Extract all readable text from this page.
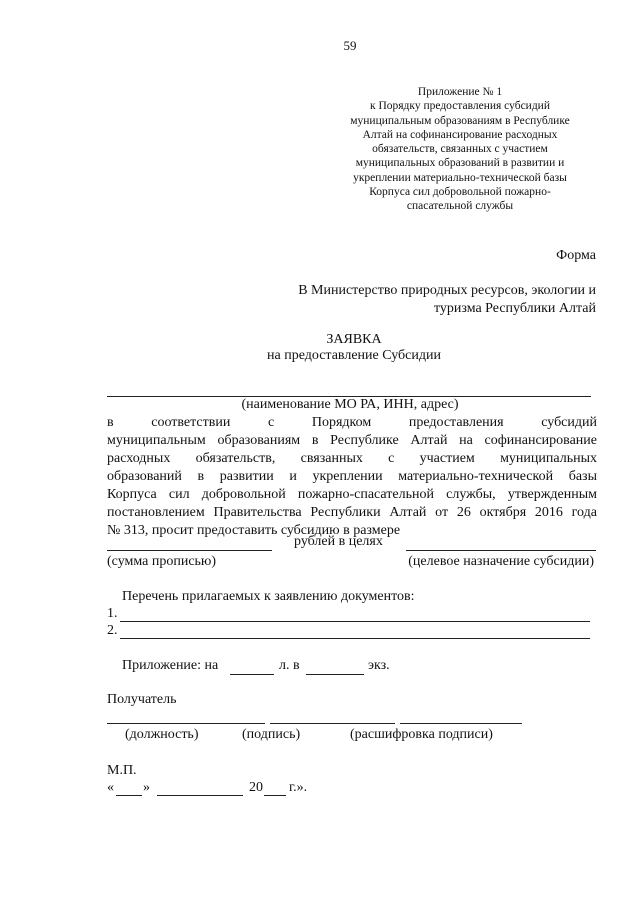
59
Приложение № 1
к Порядку предоставления субсидий
муниципальным образованиям в Республике
Алтай на софинансирование расходных
обязательств, связанных с участием
муниципальных образований в развитии и
укреплении материально-технической базы
Корпуса сил добровольной пожарно-
спасательной службы
Форма
В Министерство природных ресурсов, экологии и
туризма Республики Алтай
ЗАЯВКА
на предоставление Субсидии
(наименование МО РА, ИНН, адрес)
в соответствии с Порядком предоставления субсидий
муниципальным образованиям в Республике Алтай на софинансирование
расходных обязательств, связанных с участием муниципальных
образований в развитии и укреплении материально-технической базы
Корпуса сил добровольной пожарно-спасательной службы, утвержденным
постановлением Правительства Республики Алтай от 26 октября 2016 года
№ 313, просит предоставить субсидию в размере
рублей в целях
(сумма прописью)	(целевое назначение субсидии)
Перечень прилагаемых к заявлению документов:
1.
2.
Приложение: на	л. в	экз.
Получатель
(должность)	(подпись)	(расшифровка подписи)
М.П.
« »	20 г.».
